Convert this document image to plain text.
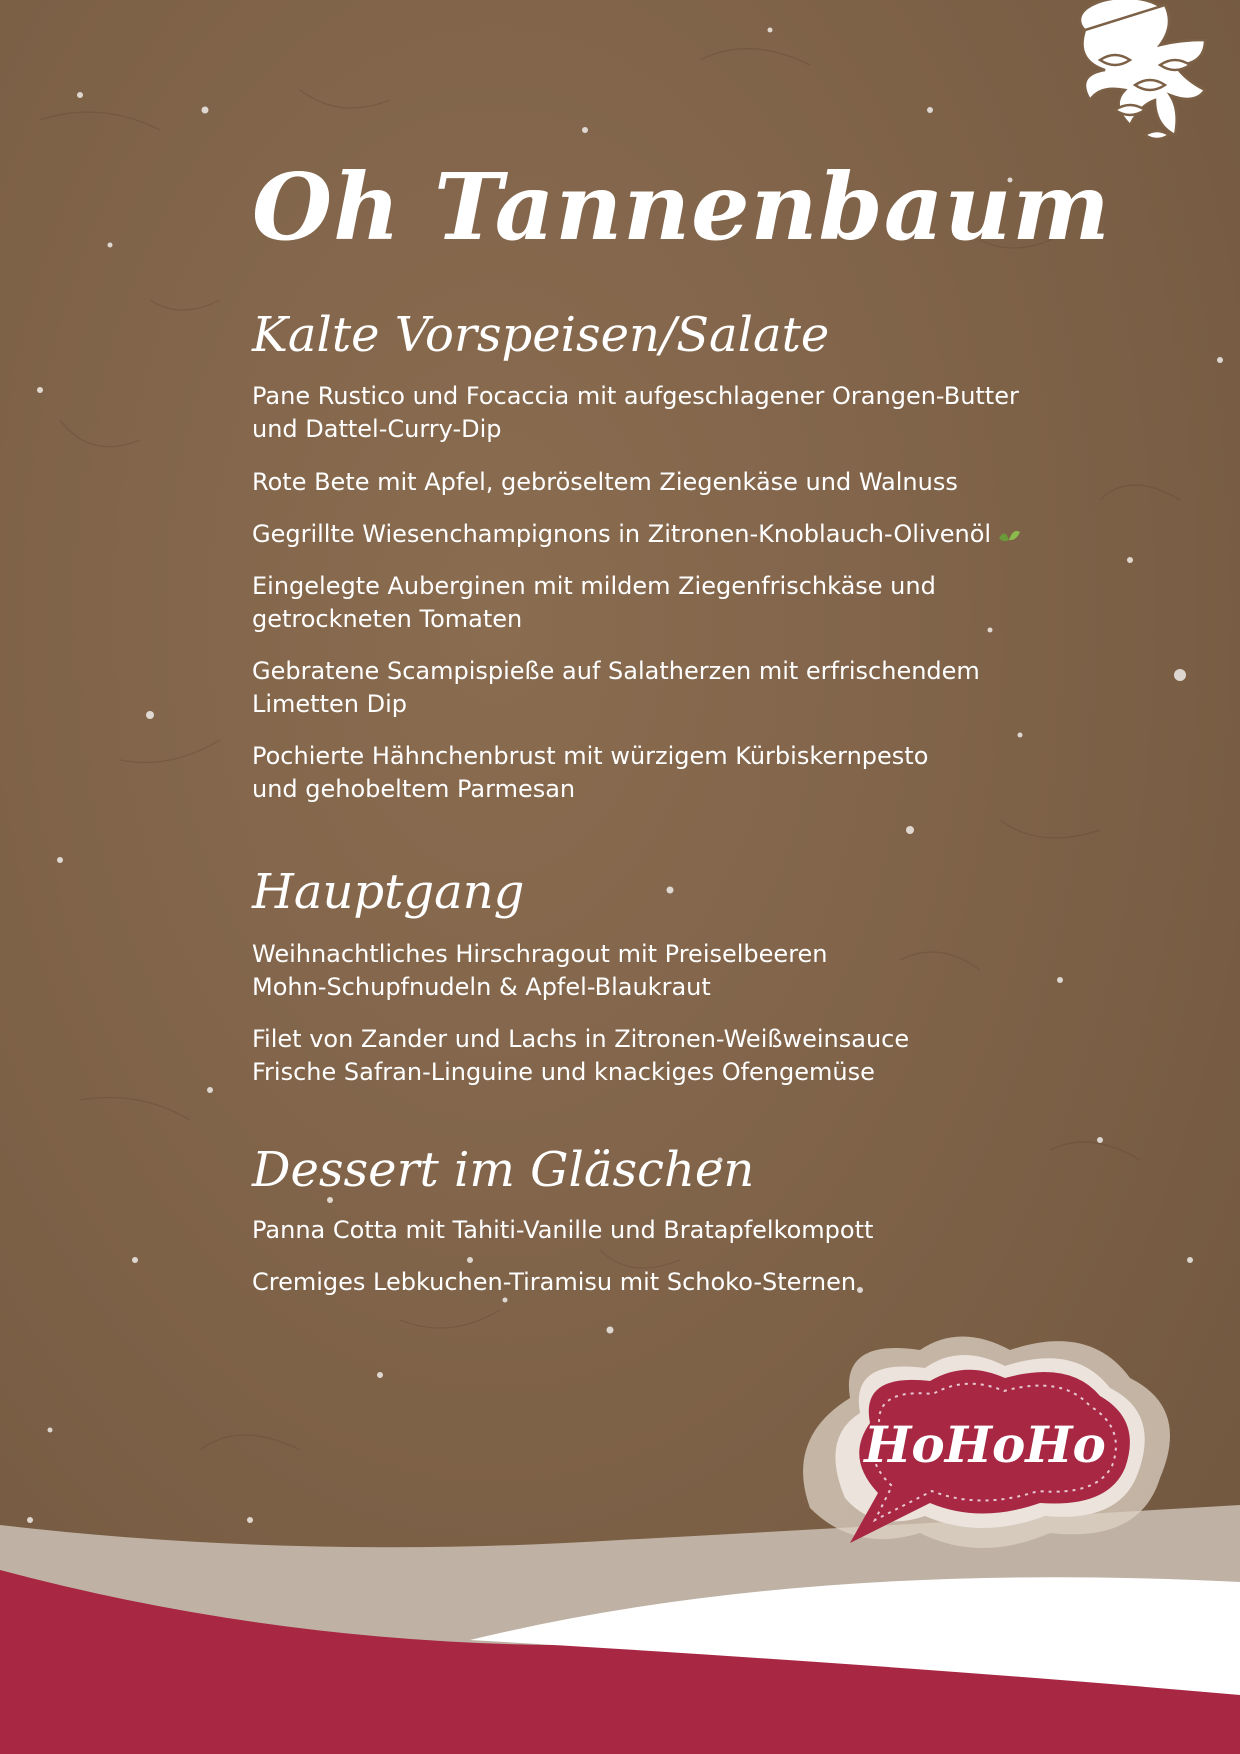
Oh Tannenbaum
Kalte Vorspeisen/Salate
Pane Rustico und Focaccia mit aufgeschlagener Orangen-Butter
und Dattel-Curry-Dip
Rote Bete mit Apfel, gebröseltem Ziegenkäse und Walnuss
Gegrillte Wiesenchampignons in Zitronen-Knoblauch-Olivenöl
Eingelegte Auberginen mit mildem Ziegenfrischkäse und
getrockneten Tomaten
Gebratene Scampispieße auf Salatherzen mit erfrischendem
Limetten Dip
Pochierte Hähnchenbrust mit würzigem Kürbiskernpesto
und gehobeltem Parmesan
Hauptgang
Weihnachtliches Hirschragout mit Preiselbeeren
Mohn-Schupfnudeln & Apfel-Blaukraut
Filet von Zander und Lachs in Zitronen-Weißweinsauce
Frische Safran-Linguine und knackiges Ofengemüse
Dessert im Gläschen
Panna Cotta mit Tahiti-Vanille und Bratapfelkompott
Cremiges Lebkuchen-Tiramisu mit Schoko-Sternen
HoHoHo
